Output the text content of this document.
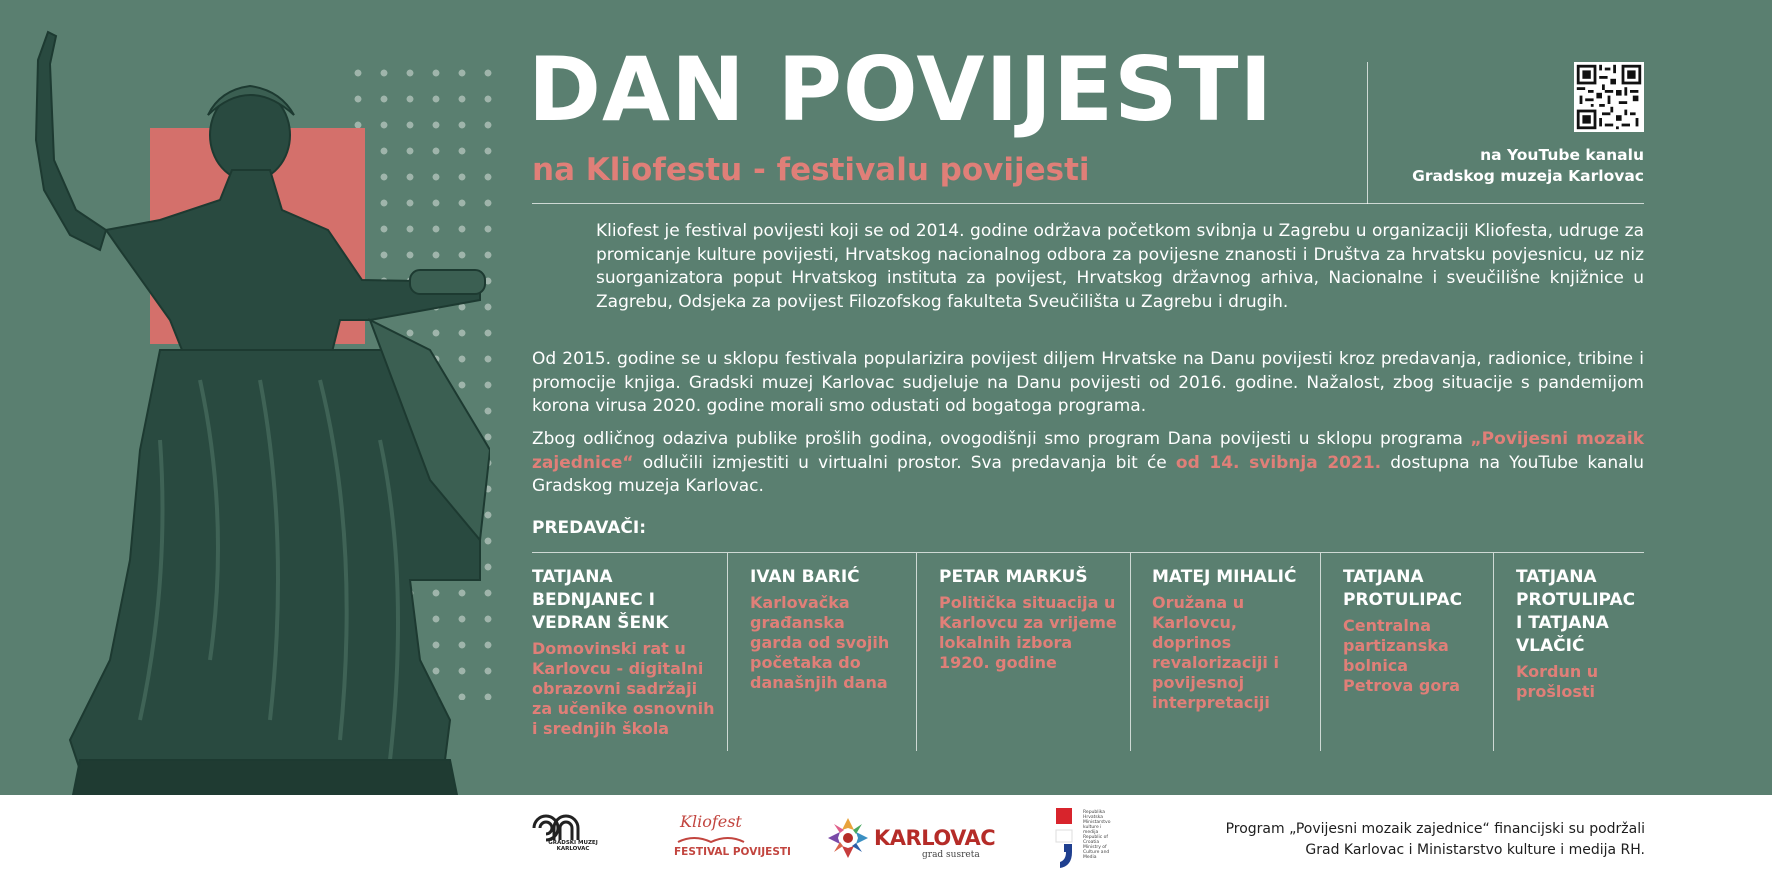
DAN POVIJESTI
na Kliofestu - festivalu povijesti	na YouTube kanalu
Gradskog muzeja Karlovac

Kliofest je festival povijesti koji se od 2014. godine održava početkom svibnja u Zagrebu u organizaciji Kliofesta, udruge za promicanje kulture povijesti, Hrvatskog nacionalnog odbora za povijesne znanosti i Društva za hrvatsku povjesnicu, uz niz suorganizatora poput Hrvatskog instituta za povijest, Hrvatskog državnog arhiva, Nacionalne i sveučilišne knjižnice u Zagrebu, Odsjeka za povijest Filozofskog fakulteta Sveučilišta u Zagrebu i drugih.

Od 2015. godine se u sklopu festivala popularizira povijest diljem Hrvatske na Danu povijesti kroz predavanja, radionice, tribine i promocije knjiga. Gradski muzej Karlovac sudjeluje na Danu povijesti od 2016. godine. Nažalost, zbog situacije s pandemijom korona virusa 2020. godine morali smo odustati od bogatoga programa.

Zbog odličnog odaziva publike prošlih godina, ovogodišnji smo program Dana povijesti u sklopu programa „Povijesni mozaik zajednice“ odlučili izmjestiti u virtualni prostor. Sva predavanja bit će od 14. svibnja 2021. dostupna na YouTube kanalu Gradskog muzeja Karlovac.

PREDAVAČI:
TATJANA BEDNJANEC I VEDRAN ŠENK
Domovinski rat u Karlovcu - digitalni obrazovni sadržaji za učenike osnovnih i srednjih škola
IVAN BARIĆ
Karlovačka građanska garda od svojih početaka do današnjih dana
PETAR MARKUŠ
Politička situacija u Karlovcu za vrijeme lokalnih izbora 1920. godine
MATEJ MIHALIĆ
Oružana u Karlovcu, doprinos revalorizaciji i povijesnoj interpretaciji
TATJANA PROTULIPAC
Centralna partizanska bolnica Petrova gora
TATJANA PROTULIPAC I TATJANA VLAČIĆ
Kordun u prošlosti
GRADSKI MUZEJ KARLOVAC
Kliofest
FESTIVAL POVIJESTI
KARLOVAC
grad susreta
Republika Hrvatska Ministarstvo kulture i medija Republic of Croatia Ministry of Culture and Media
Program „Povijesni mozaik zajednice“ financijski su podržali
Grad Karlovac i Ministarstvo kulture i medija RH.
